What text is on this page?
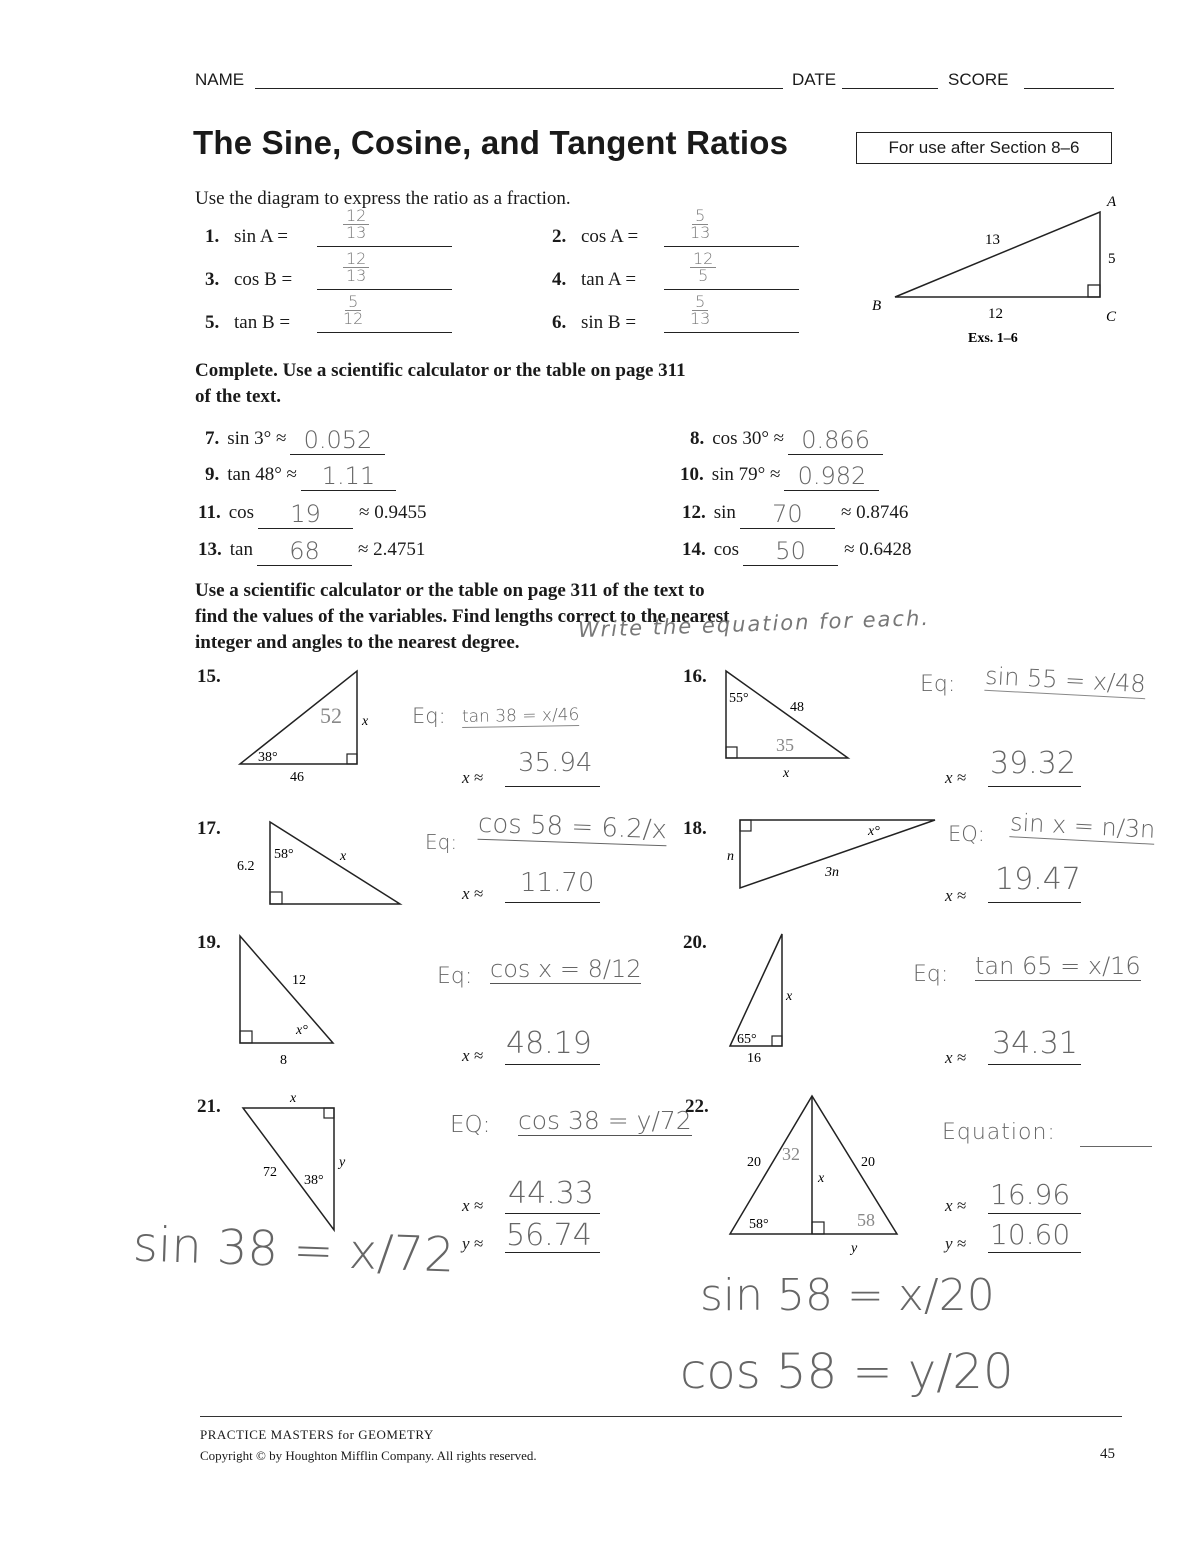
NAME	DATE	SCORE
The Sine, Cosine, and Tangent Ratios	For use after Section 8–6
Use the diagram to express the ratio as a fraction.
1. sin A =	$\frac{12}{13}$	2. cos A =	$\frac{5}{13}$
3. cos B =	$\frac{12}{13}$	4. tan A =	$\frac{12}{5}$
5. tan B =	$\frac{5}{12}$	6. sin B =	$\frac{5}{13}$
A
B
C
13
5
12
Exs. 1–6
Complete. Use a scientific calculator or the table on page 311
of the text.
7. sin 3° ≈ 0.052	8. cos 30° ≈ 0.866
9. tan 48° ≈	1.11	10. sin 79° ≈ 0.982
11. cos	19	≈ 0.9455	12. sin	70	≈ 0.8746
13. tan	68	≈ 2.4751	14. cos	50	≈ 0.6428
Use a scientific calculator or the table on page 311 of the text to
find the values of the variables. Find lengths correct to the nearest
integer and angles to the nearest degree.
Write the equation for each.
15.
38°
46
x
52	Eq: tan 38 = x/46
x ≈ 35.94
16.
55°
48
x
35
Eq: sin 55 = x/48
x ≈ 39.32
17.
58°
6.2
x
Eq: cos 58 = 6.2/x
x ≈ 11.70
18.	x°
n
3n
EQ: sin x = n/3n
x ≈ 19.47
19.
12
8
x°
Eq: cos x = 8/12
x ≈ 48.19
20.
65°
16
x
Eq: tan 65 = x/16
x ≈ 34.31
21.	x
72
38°
y
EQ: cos 38 = y/72
x ≈ 44.33
y ≈ 56.74
sin 38 = x/72
22.
20	20
32
x
58°	58
y
Equation:
x ≈ 16.96
y ≈ 10.60
sin 58 = x/20
cos 58 = y/20
PRACTICE MASTERS for GEOMETRY
Copyright © by Houghton Mifflin Company. All rights reserved.	45
